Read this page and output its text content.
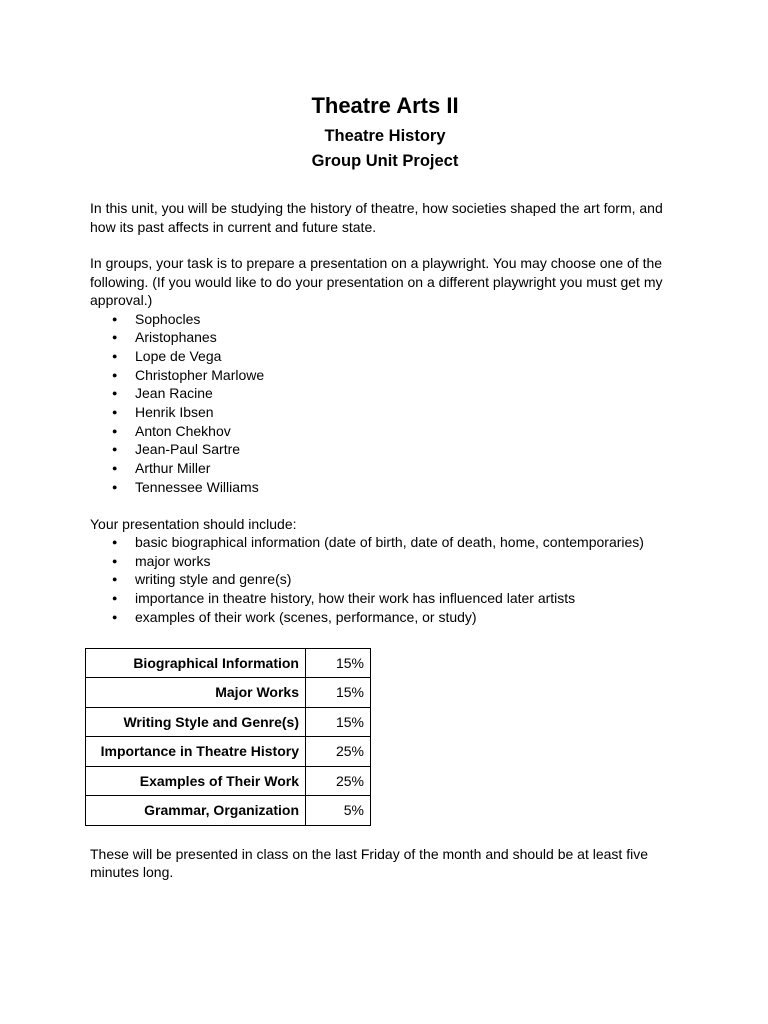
Theatre Arts II
Theatre History
Group Unit Project

In this unit, you will be studying the history of theatre, how societies shaped the art form, and how its past affects in current and future state.

In groups, your task is to prepare a presentation on a playwright. You may choose one of the following. (If you would like to do your presentation on a different playwright you must get my approval.)

● Sophocles
● Aristophanes
● Lope de Vega
● Christopher Marlowe
● Jean Racine
● Henrik Ibsen
● Anton Chekhov
● Jean-Paul Sartre
● Arthur Miller
● Tennessee Williams

Your presentation should include:

● basic biographical information (date of birth, date of death, home, contemporaries)
● major works
● writing style and genre(s)
● importance in theatre history, how their work has influenced later artists
● examples of their work (scenes, performance, or study)
Biographical Information	15%
Major Works	15%
Writing Style and Genre(s)	15%
Importance in Theatre History	25%
Examples of Their Work	25%
Grammar, Organization	5%

These will be presented in class on the last Friday of the month and should be at least five minutes long.
